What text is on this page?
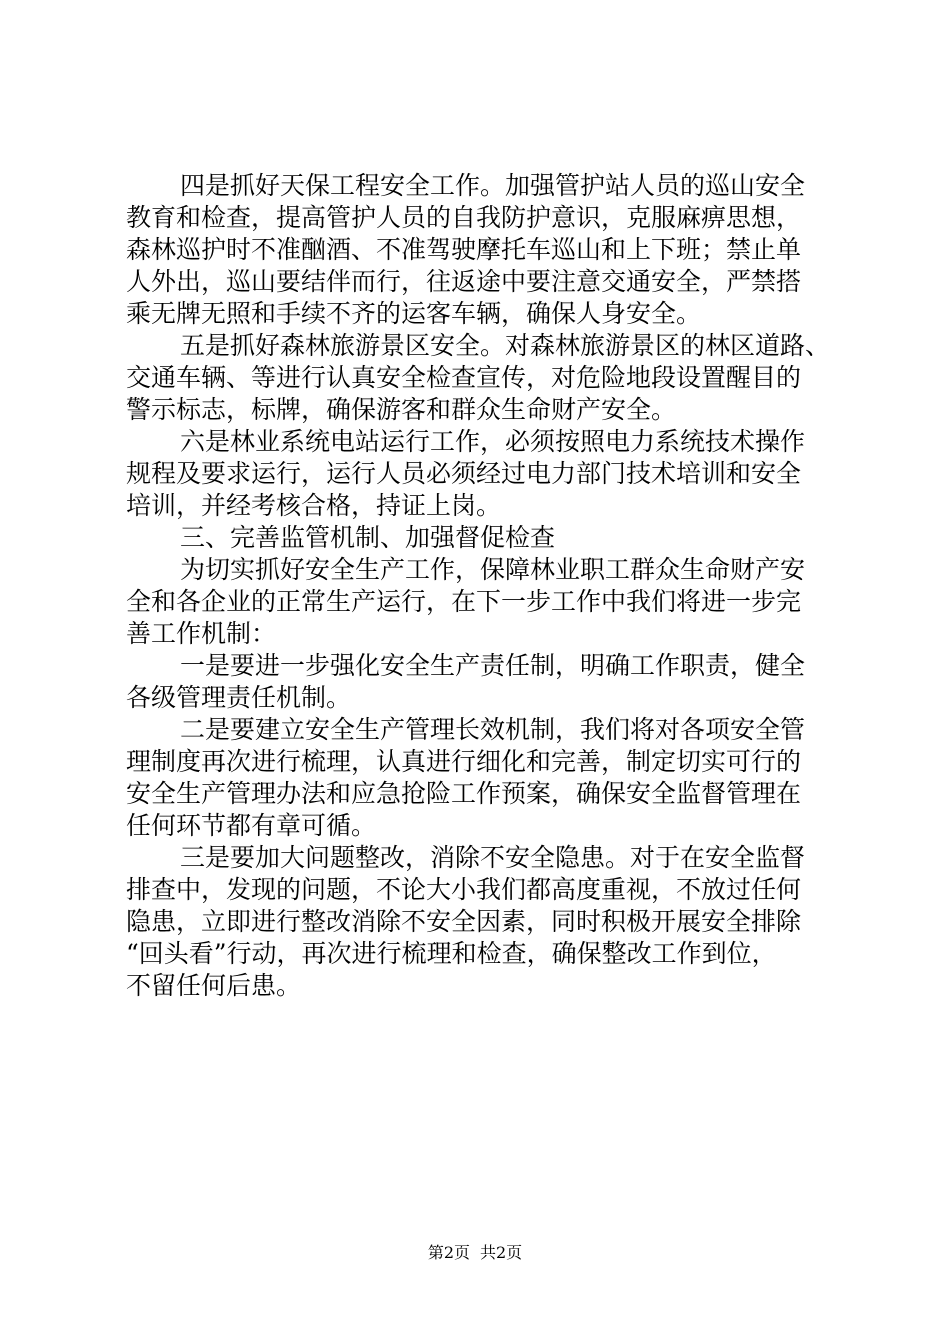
四是抓好天保工程安全工作。加强管护站人员的巡山安全
教育和检查，提高管护人员的自我防护意识，克服麻痹思想，
森林巡护时不准酗酒、不准驾驶摩托车巡山和上下班；禁止单
人外出，巡山要结伴而行，往返途中要注意交通安全，严禁搭
乘无牌无照和手续不齐的运客车辆，确保人身安全。
五是抓好森林旅游景区安全。对森林旅游景区的林区道路、
交通车辆、等进行认真安全检查宣传，对危险地段设置醒目的
警示标志，标牌，确保游客和群众生命财产安全。
六是林业系统电站运行工作，必须按照电力系统技术操作
规程及要求运行，运行人员必须经过电力部门技术培训和安全
培训，并经考核合格，持证上岗。
三、完善监管机制、加强督促检查
为切实抓好安全生产工作，保障林业职工群众生命财产安
全和各企业的正常生产运行，在下一步工作中我们将进一步完
善工作机制：
一是要进一步强化安全生产责任制，明确工作职责，健全
各级管理责任机制。
二是要建立安全生产管理长效机制，我们将对各项安全管
理制度再次进行梳理，认真进行细化和完善，制定切实可行的
安全生产管理办法和应急抢险工作预案，确保安全监督管理在
任何环节都有章可循。
三是要加大问题整改，消除不安全隐患。对于在安全监督
排查中，发现的问题，不论大小我们都高度重视，不放过任何
隐患，立即进行整改消除不安全因素，同时积极开展安全排除
“回头看”行动，再次进行梳理和检查，确保整改工作到位，
不留任何后患。
第2页 共2页
